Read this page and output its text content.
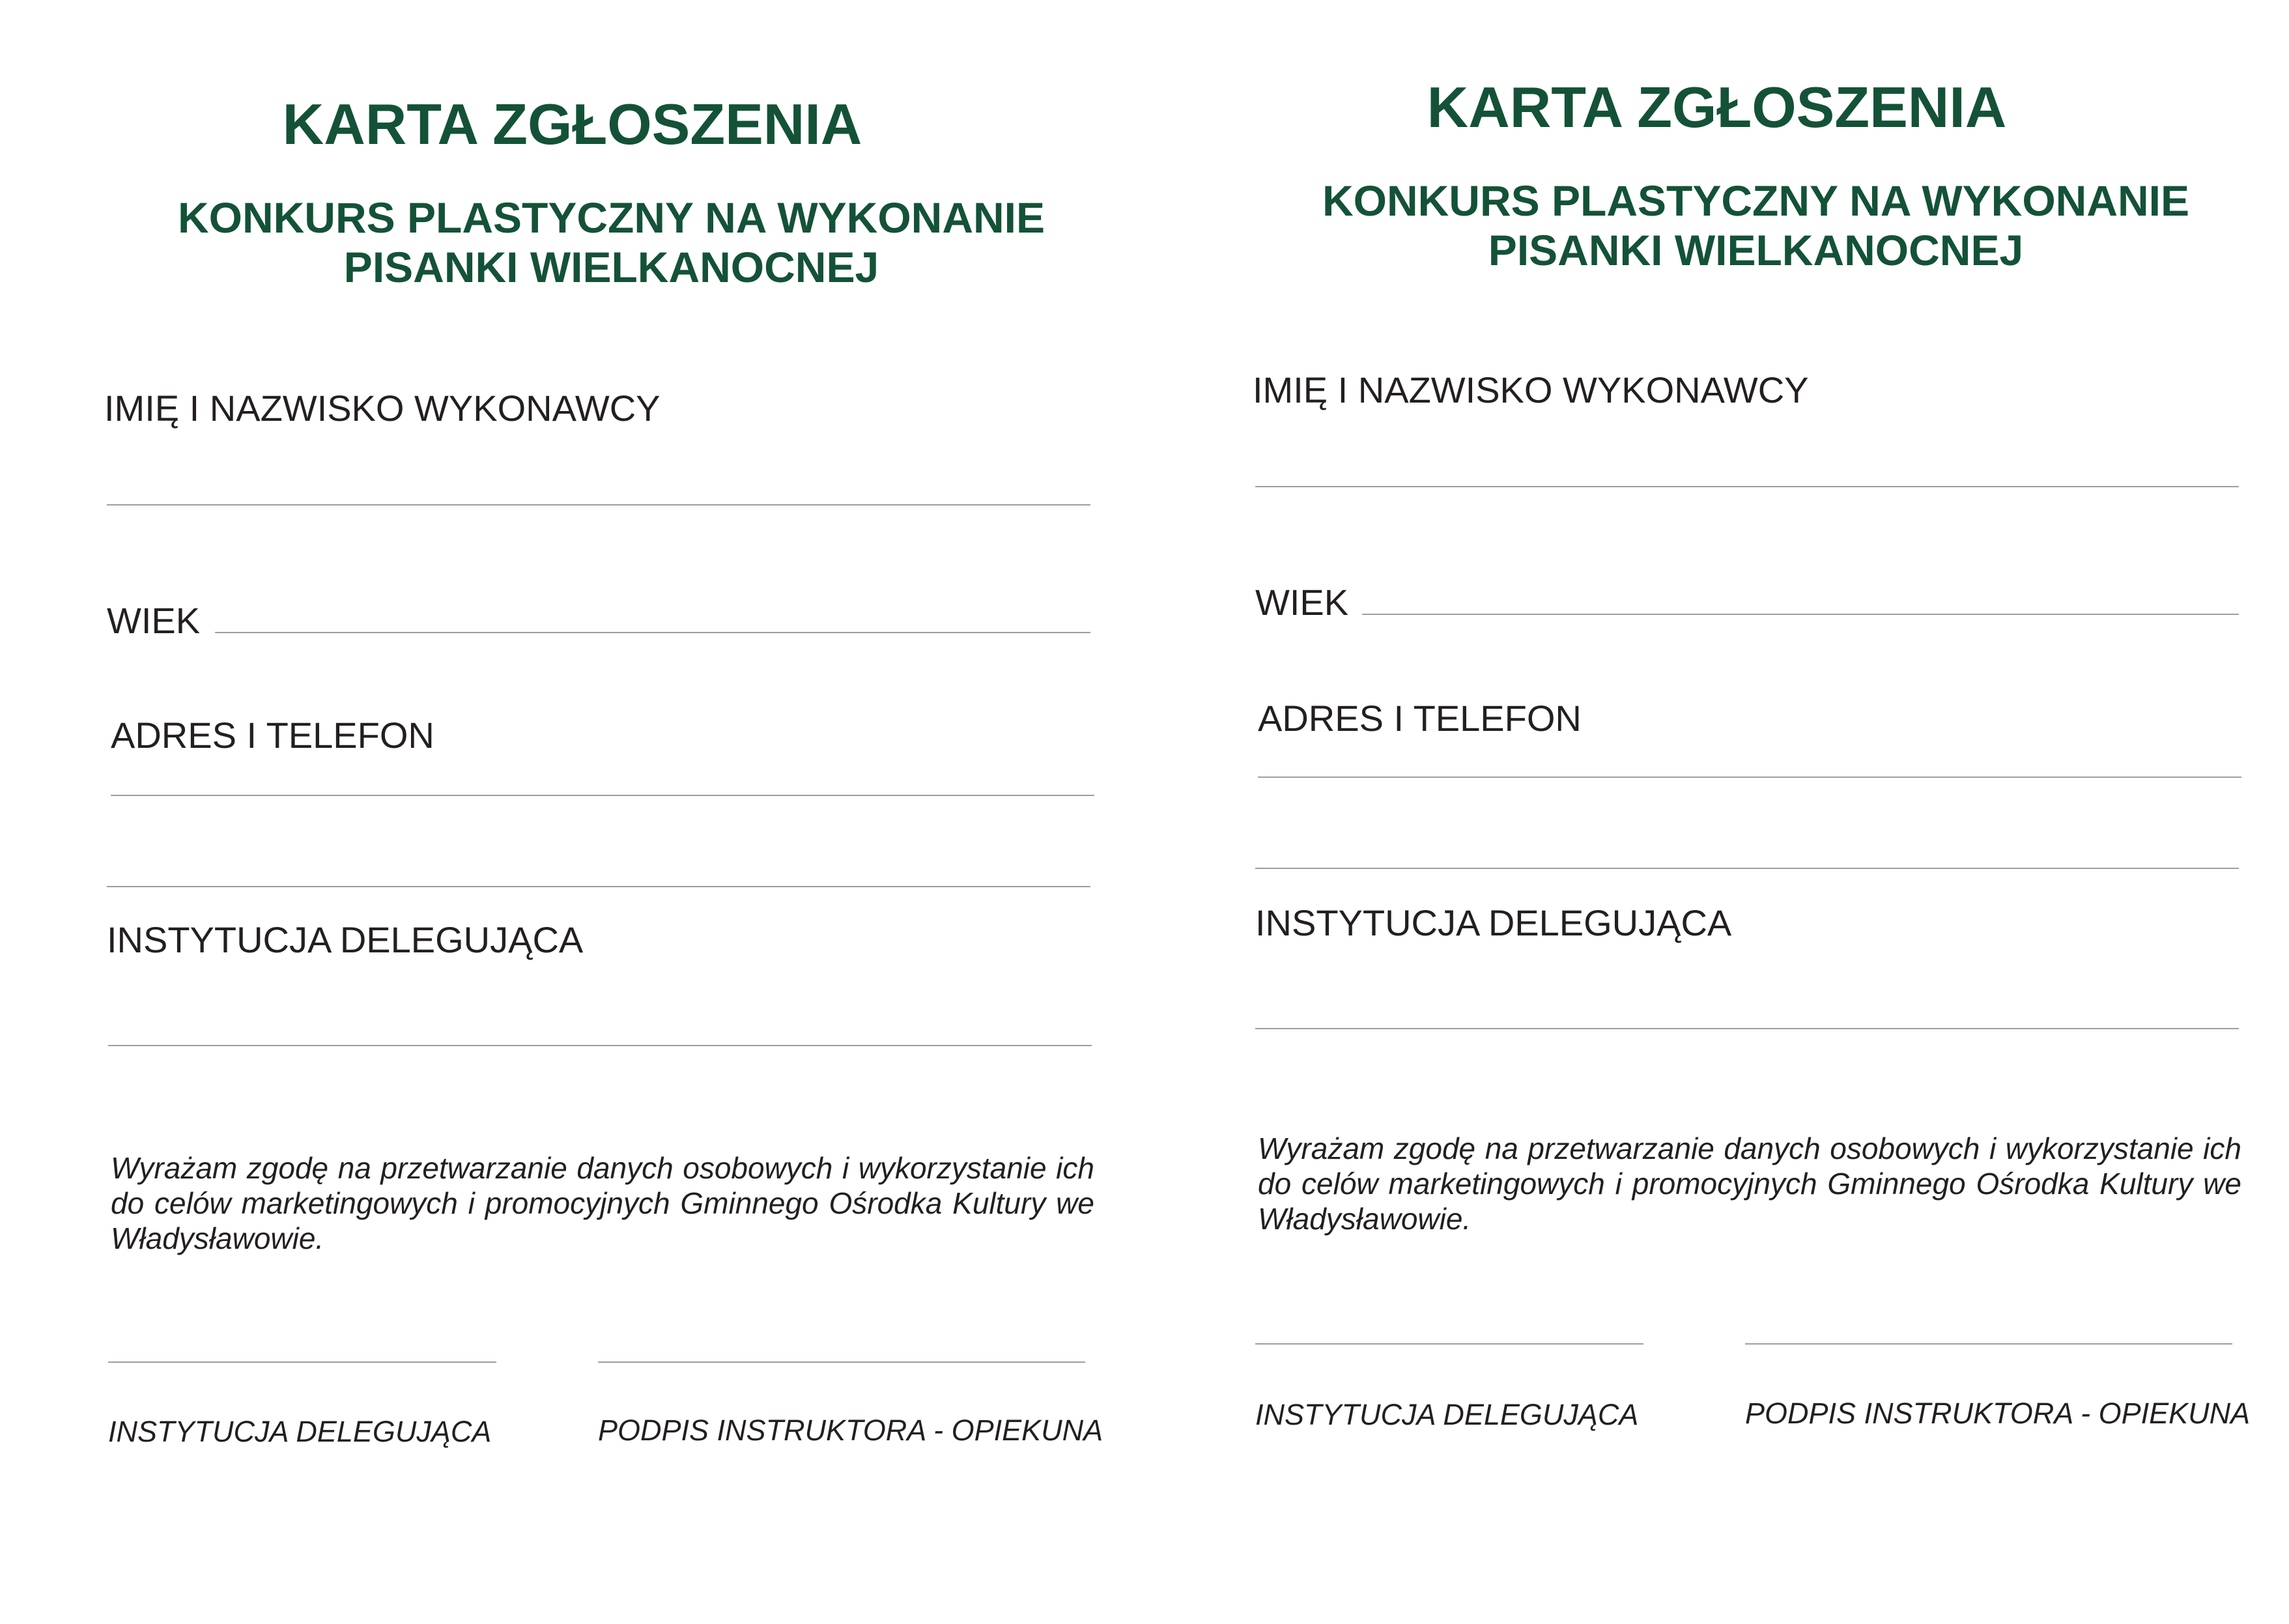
KARTA ZGŁOSZENIA
KONKURS PLASTYCZNY NA WYKONANIE
PISANKI WIELKANOCNEJ
IMIĘ I NAZWISKO WYKONAWCY
WIEK
ADRES I TELEFON
INSTYTUCJA DELEGUJĄCA
Wyrażam zgodę na przetwarzanie danych osobowych i wykorzystanie ich do celów marketingowych i promocyjnych Gminnego Ośrodka Kultury we Władysławowie.
INSTYTUCJA DELEGUJĄCA	PODPIS INSTRUKTORA - OPIEKUNA
KARTA ZGŁOSZENIA
KONKURS PLASTYCZNY NA WYKONANIE
PISANKI WIELKANOCNEJ
IMIĘ I NAZWISKO WYKONAWCY
WIEK
ADRES I TELEFON
INSTYTUCJA DELEGUJĄCA
Wyrażam zgodę na przetwarzanie danych osobowych i wykorzystanie ich do celów marketingowych i promocyjnych Gminnego Ośrodka Kultury we Władysławowie.
INSTYTUCJA DELEGUJĄCA	PODPIS INSTRUKTORA - OPIEKUNA
